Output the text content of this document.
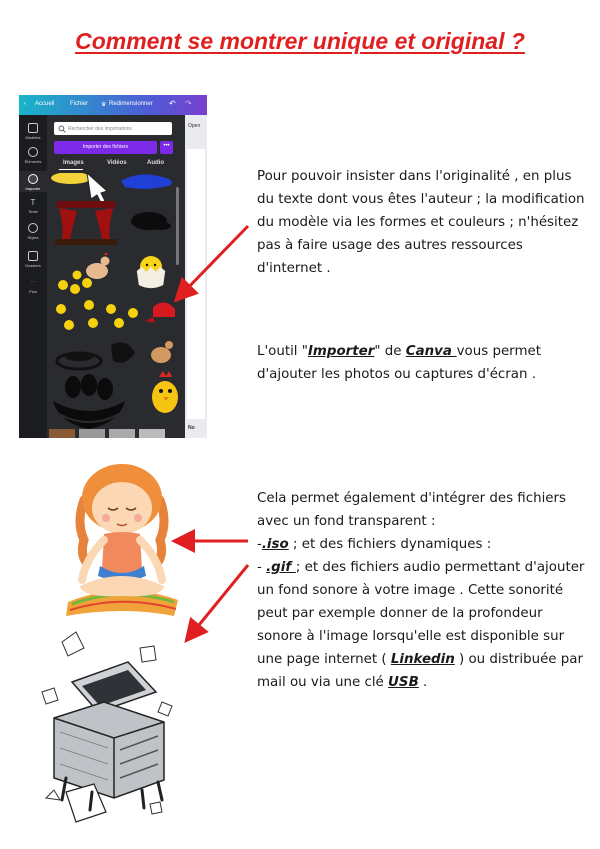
Comment se montrer unique et original ?
‹ Accueil	Fichier ♛ Redimensionner ↶ ↷
Modèles
Éléments
Importer
T
Texte
Styles
Dossiers
···
Plus
Rechercher des importations
Importer des fichiers	•••
Images	Vidéos	Audio
Open
No
Pour pouvoir insister dans l'originalité , en plus du texte dont vous êtes l'auteur ; la modification du modèle via les formes et couleurs ; n'hésitez pas à faire usage des autres ressources d'internet .
L'outil "Importer" de Canva vous permet d'ajouter les photos ou captures d'écran .
Cela permet également d'intégrer des fichiers avec un fond transparent :
-.iso ; et des fichiers dynamiques :
- .gif ; et des fichiers audio permettant d'ajouter un fond sonore à votre image . Cette sonorité peut par exemple donner de la profondeur sonore à l'image lorsqu'elle est disponible sur une page internet ( Linkedin ) ou distribuée par mail ou via une clé USB .
